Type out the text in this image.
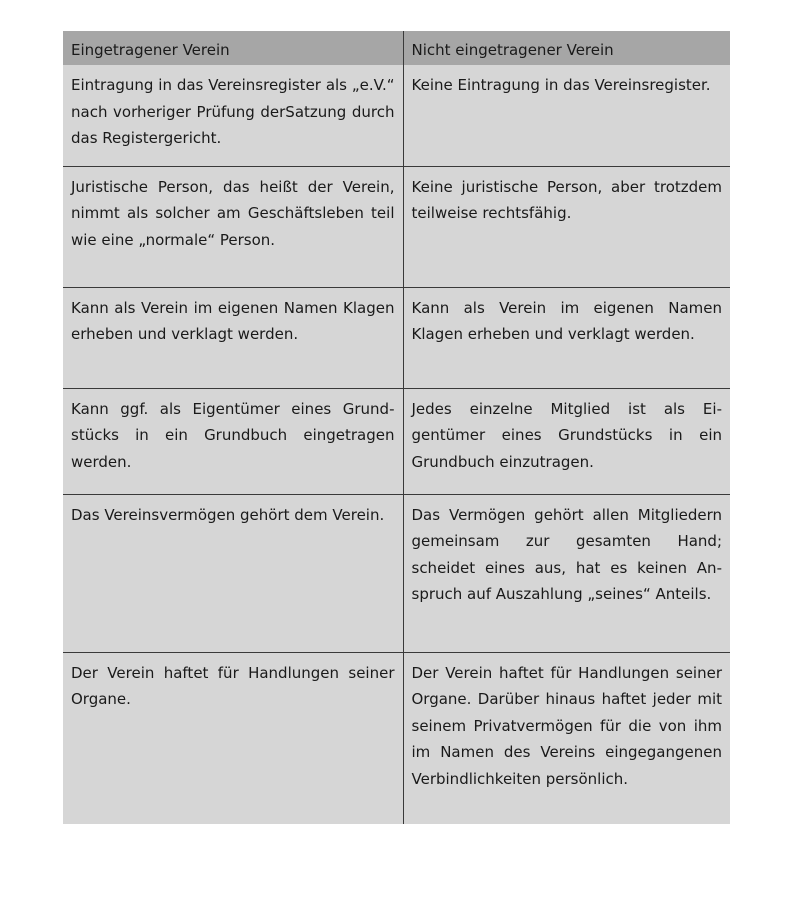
Eingetragener Verein	Nicht eingetragener Verein

Eintragung in das Vereinsregister als „e.V.“ nach vorheriger Prüfung derSatzung durch das Registergericht.	Keine Eintragung in das Vereinsregister.

Juristische Person, das heißt der Verein, nimmt als solcher am Geschäftsleben teil wie eine „normale“ Person.	Keine juristische Person, aber trotzdem teilweise rechtsfähig.

Kann als Verein im eigenen Namen Klagen erheben und verklagt werden.	Kann als Verein im eigenen Namen Klagen erheben und verklagt werden.

Kann ggf. als Eigentümer eines Grundstücks in ein Grundbuch eingetragen werden.	Jedes einzelne Mitglied ist als Eigentümer eines Grundstücks in ein Grundbuch einzutragen.

Das Vereinsvermögen gehört dem Verein.	Das Vermögen gehört allen Mitgliedern gemeinsam zur gesamten Hand; scheidet eines aus, hat es keinen Anspruch auf Auszahlung „seines“ Anteils.

Der Verein haftet für Handlungen seiner Organe.	Der Verein haftet für Handlungen seiner Organe. Darüber hinaus haftet jeder mit seinem Privatvermögen für die von ihm im Namen des Vereins eingegangenen Verbindlichkeiten persönlich.
